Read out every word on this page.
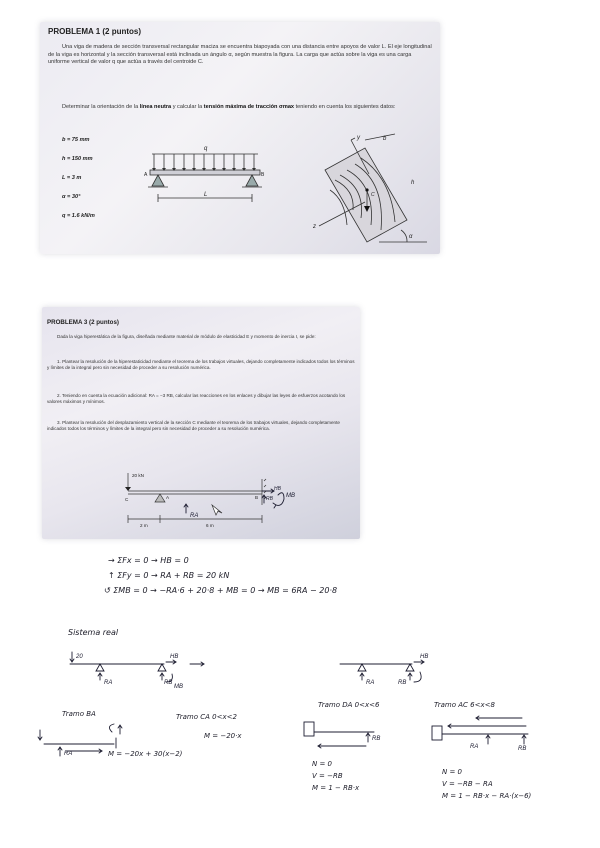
PROBLEMA 1 (2 puntos)
Una viga de madera de sección transversal rectangular maciza se encuentra biapoyada con una distancia entre apoyos de valor L. El eje longitudinal de la viga es horizontal y la sección transversal está inclinada un ángulo α, según muestra la figura. La carga que actúa sobre la viga es una carga uniforme vertical de valor q que actúa a través del centroide C.
Determinar la orientación de la línea neutra y calcular la tensión máxima de tracción σmax teniendo en cuenta los siguientes datos:
b = 75 mm
h = 150 mm
L = 3 m
α = 30°
q = 1.6 kN/m
q
A	B
L
y
z
b
h
C
α
PROBLEMA 3 (2 puntos)
Dada la viga hiperestática de la figura, diseñada mediante material de módulo de elasticidad E y momento de inercia I, se pide:
1. Plantear la resolución de la hiperestaticidad mediante el teorema de los trabajos virtuales, dejando completamente indicados todos los términos y límites de la integral pero sin necesidad de proceder a su resolución numérica.
2. Teniendo en cuenta la ecuación adicional: RA = −3 RB, calcular las reacciones en los enlaces y dibujar las leyes de esfuerzos acotando los valores máximos y mínimos.
3. Plantear la resolución del desplazamiento vertical de la sección C mediante el teorema de los trabajos virtuales, dejando completamente indicados todos los términos y límites de la integral pero sin necesidad de proceder a su resolución numérica.
20 kN
C	A	B
2 m	6 m
RA
HB
RB MB
→ ΣFx = 0 → HB = 0
↑ ΣFy = 0 → RA + RB = 20 kN
↺ ΣMB = 0 → −RA·6 + 20·8 + MB = 0 → MB = 6RA − 20·8
Sistema real
20	HB
RA	RB
MB
HB
RA	RB
Tramo BA	Tramo CA 0<x<2
M = −20·x
RA	M = −20x + 30(x−2)
Tramo DA 0<x<6	Tramo AC 6<x<8
RB
RA	RB
N = 0
V = −RB
M = 1 − RB·x
N = 0
V = −RB − RA
M = 1 − RB·x − RA·(x−6)
